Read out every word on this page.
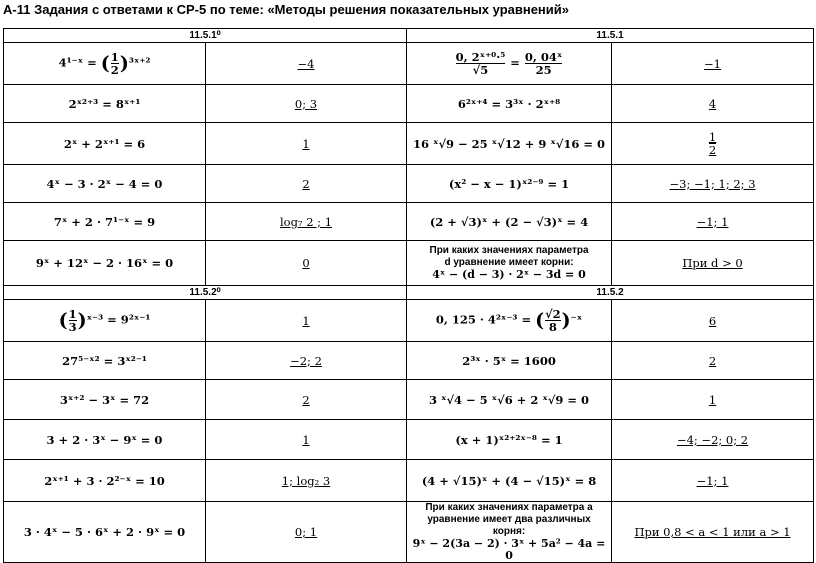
А-11 Задания с ответами к СР-5 по теме: «Методы решения показательных уравнений»
11.5.1⁰		11.5.1	
4¹⁻ˣ = ( $\frac{1}{2}$ )³ˣ⁺²	−4	$\frac{\text{0, 2ˣ⁺⁰·⁵}}{√5} = \frac{\text{0, 04ˣ}}{25}$	−1
2ˣ²⁺³ = 8ˣ⁺¹	0; 3	6²ˣ⁺⁴ = 3³ˣ · 2ˣ⁺⁸	4
2ˣ + 2ˣ⁺¹ = 6	1	16 ˣ√9 − 25 ˣ√12 + 9 ˣ√16 = 0	$\frac{1}{2}$

4ˣ − 3 · 2ˣ − 4 = 0	2	(x² − x − 1)ˣ²⁻⁹ = 1	−3; −1; 1; 2; 3
7ˣ + 2 · 7¹⁻ˣ = 9	log₇ 2 ; 1	(2 + √3)ˣ + (2 − √3)ˣ = 4	−1; 1
9ˣ + 12ˣ − 2 · 16ˣ = 0	0	При каких значениях параметра
d уравнение имеет корни:
4ˣ − (d − 3) · 2ˣ − 3d = 0	При d > 0
11.5.2⁰		11.5.2	
( $\frac{1}{3}$ )ˣ⁻³ = 9²ˣ⁻¹	1	0, 125 · 4²ˣ⁻³ = ( $\frac{√2}{8}$ )⁻ˣ	6
27⁵⁻ˣ² = 3ˣ²⁻¹	−2; 2	2³ˣ · 5ˣ = 1600	2
3ˣ⁺² − 3ˣ = 72	2	3 ˣ√4 − 5 ˣ√6 + 2 ˣ√9 = 0	1
3 + 2 · 3ˣ − 9ˣ = 0	1	(x + 1)ˣ²⁺²ˣ⁻⁸ = 1	−4; −2; 0; 2
2ˣ⁺¹ + 3 · 2²⁻ˣ = 10	1; log₂ 3	(4 + √15)ˣ + (4 − √15)ˣ = 8	−1; 1
3 · 4ˣ − 5 · 6ˣ + 2 · 9ˣ = 0	0; 1	При каких значениях параметра a
уравнение имеет два различных
корня:
9ˣ − 2(3a − 2) · 3ˣ + 5a² − 4a = 0	При 0,8 < a < 1 или a > 1
